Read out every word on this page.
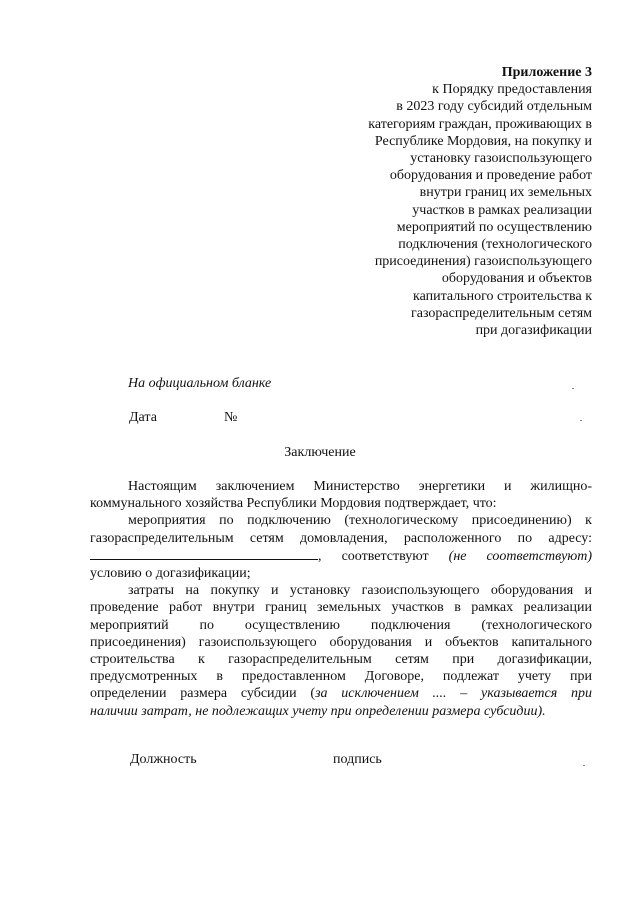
Приложение 3
к Порядку предоставления
в 2023 году субсидий отдельным
категориям граждан, проживающих в
Республике Мордовия, на покупку и
установку газоиспользующего
оборудования и проведение работ
внутри границ их земельных
участков в рамках реализации
мероприятий по осуществлению
подключения (технологического
присоединения) газоиспользующего
оборудования и объектов
капитального строительства к
газораспределительным сетям
при догазификации
На официальном бланке
Дата	№
Заключение
Настоящим заключением Министерство энергетики и жилищно-
коммунального хозяйства Республики Мордовия подтверждает, что:
мероприятия по подключению (технологическому присоединению) к
газораспределительным сетям домовладения, расположенного по адресу:
, соответствуют (не соответствуют)
условию о догазификации;
затраты на покупку и установку газоиспользующего оборудования и
проведение работ внутри границ земельных участков в рамках реализации
мероприятий по осуществлению подключения (технологического
присоединения) газоиспользующего оборудования и объектов капитального
строительства к газораспределительным сетям при догазификации,
предусмотренных в предоставленном Договоре, подлежат учету при
определении размера субсидии (за исключением .... – указывается при
наличии затрат, не подлежащих учету при определении размера субсидии).
Должность	подпись
